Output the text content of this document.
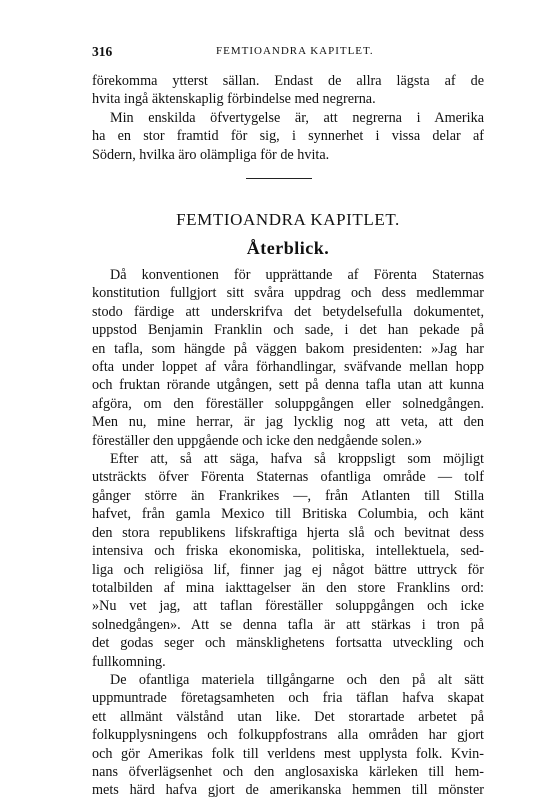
316	FEMTIOANDRA KAPITLET.
förekomma ytterst sällan. Endast de allra lägsta af de
hvita ingå äktenskaplig förbindelse med negrerna.
Min enskilda öfvertygelse är, att negrerna i Amerika
ha en stor framtid för sig, i synnerhet i vissa delar af
Södern, hvilka äro olämpliga för de hvita.
FEMTIOANDRA KAPITLET.
Återblick.
Då konventionen för upprättande af Förenta Staternas
konstitution fullgjort sitt svåra uppdrag och dess medlemmar
stodo färdige att underskrifva det betydelsefulla dokumentet,
uppstod Benjamin Franklin och sade, i det han pekade på
en tafla, som hängde på väggen bakom presidenten: »Jag har
ofta under loppet af våra förhandlingar, sväfvande mellan hopp
och fruktan rörande utgången, sett på denna tafla utan att kunna
afgöra, om den föreställer soluppgången eller solnedgången.
Men nu, mine herrar, är jag lycklig nog att veta, att den
föreställer den uppgående och icke den nedgående solen.»
Efter att, så att säga, hafva så kroppsligt som möjligt
utsträckts öfver Förenta Staternas ofantliga område — tolf
gånger större än Frankrikes —, från Atlanten till Stilla
hafvet, från gamla Mexico till Britiska Columbia, och känt
den stora republikens lifskraftiga hjerta slå och bevitnat dess
intensiva och friska ekonomiska, politiska, intellektuela, sed-
liga och religiösa lif, finner jag ej något bättre uttryck för
totalbilden af mina iakttagelser än den store Franklins ord:
»Nu vet jag, att taflan föreställer soluppgången och icke
solnedgången». Att se denna tafla är att stärkas i tron på
det godas seger och mänsklighetens fortsatta utveckling och
fullkomning.
De ofantliga materiela tillgångarne och den på alt sätt
uppmuntrade företagsamheten och fria täflan hafva skapat
ett allmänt välstånd utan like. Det storartade arbetet på
folkupplysningens och folkuppfostrans alla områden har gjort
och gör Amerikas folk till verldens mest upplysta folk. Kvin-
nans öfverlägsenhet och den anglosaxiska kärleken till hem-
mets härd hafva gjort de amerikanska hemmen till mönster
